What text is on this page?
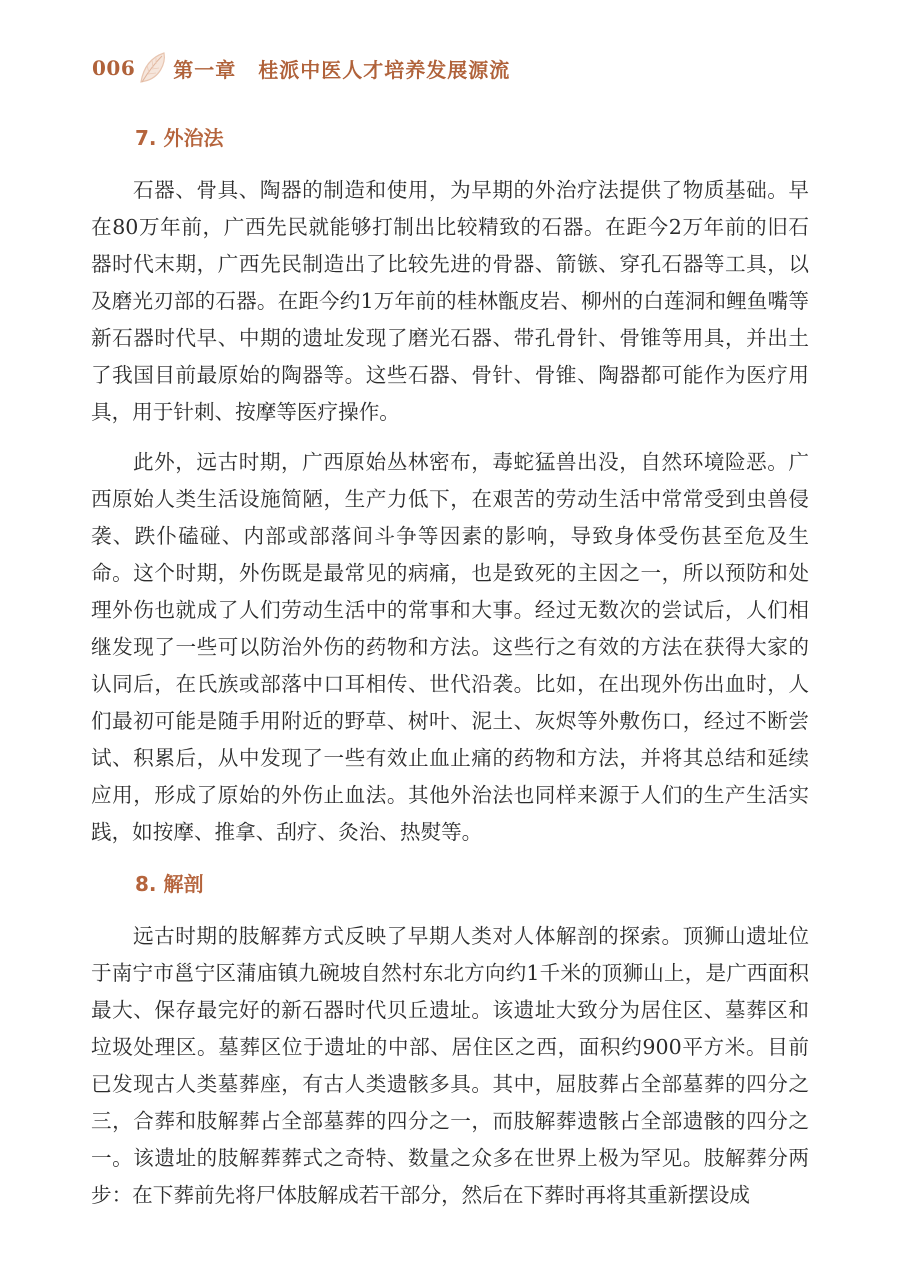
006 第一章 桂派中医人才培养发展源流
7. 外治法

石器、骨具、陶器的制造和使用，为早期的外治疗法提供了物质基础。早在80万年前，广西先民就能够打制出比较精致的石器。在距今2万年前的旧石器时代末期，广西先民制造出了比较先进的骨器、箭镞、穿孔石器等工具，以及磨光刃部的石器。在距今约1万年前的桂林甑皮岩、柳州的白莲洞和鲤鱼嘴等新石器时代早、中期的遗址发现了磨光石器、带孔骨针、骨锥等用具，并出土了我国目前最原始的陶器等。这些石器、骨针、骨锥、陶器都可能作为医疗用具，用于针刺、按摩等医疗操作。

此外，远古时期，广西原始丛林密布，毒蛇猛兽出没，自然环境险恶。广西原始人类生活设施简陋，生产力低下，在艰苦的劳动生活中常常受到虫兽侵袭、跌仆磕碰、内部或部落间斗争等因素的影响，导致身体受伤甚至危及生命。这个时期，外伤既是最常见的病痛，也是致死的主因之一，所以预防和处理外伤也就成了人们劳动生活中的常事和大事。经过无数次的尝试后，人们相继发现了一些可以防治外伤的药物和方法。这些行之有效的方法在获得大家的认同后，在氏族或部落中口耳相传、世代沿袭。比如，在出现外伤出血时，人们最初可能是随手用附近的野草、树叶、泥土、灰烬等外敷伤口，经过不断尝试、积累后，从中发现了一些有效止血止痛的药物和方法，并将其总结和延续应用，形成了原始的外伤止血法。其他外治法也同样来源于人们的生产生活实践，如按摩、推拿、刮疗、灸治、热熨等。

8. 解剖

远古时期的肢解葬方式反映了早期人类对人体解剖的探索。顶狮山遗址位于南宁市邕宁区蒲庙镇九碗坡自然村东北方向约1千米的顶狮山上，是广西面积最大、保存最完好的新石器时代贝丘遗址。该遗址大致分为居住区、墓葬区和垃圾处理区。墓葬区位于遗址的中部、居住区之西，面积约900平方米。目前已发现古人类墓葬座，有古人类遗骸多具。其中，屈肢葬占全部墓葬的四分之三，合葬和肢解葬占全部墓葬的四分之一，而肢解葬遗骸占全部遗骸的四分之一。该遗址的肢解葬葬式之奇特、数量之众多在世界上极为罕见。肢解葬分两步：在下葬前先将尸体肢解成若干部分，然后在下葬时再将其重新摆设成
